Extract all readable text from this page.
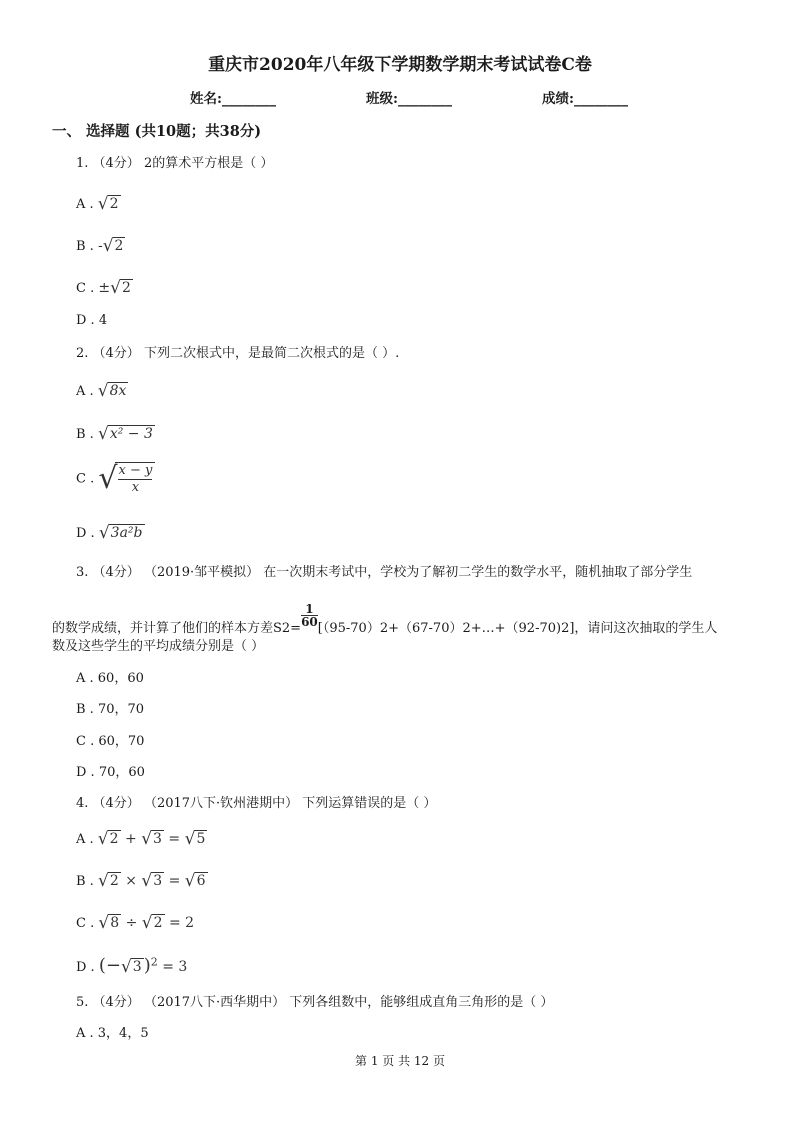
重庆市2020年八年级下学期数学期末考试试卷C卷
姓名:________	班级:________	成绩:________
一、 选择题 (共10题；共38分)
1. （4分） 2的算术平方根是（ ）
A . √2
B . -√2
C . ±√2
D . 4
2. （4分） 下列二次根式中，是最简二次根式的是（ ）.
A . √8x
B . √x² − 3
C . √
$\frac{x - y}{x}$
D . √3a²b
3. （4分） （2019·邹平模拟） 在一次期末考试中，学校为了解初二学生的数学水平，随机抽取了部分学生
的数学成绩，并计算了他们的样本方差S2=
$\frac{1}{60}$
[（95-70）2+（67-70）2+…+（92-70)2]，请问这次抽取的学生人
数及这些学生的平均成绩分别是（ ）
A . 60，60
B . 70，70
C . 60，70
D . 70，60
4. （4分） （2017八下·钦州港期中） 下列运算错误的是（ ）
A . √2 + √3 = √5
B . √2 × √3 = √6
C . √8 ÷ √2 = 2
D . (−√3 )$^2$ = 3
5. （4分） （2017八下·西华期中） 下列各组数中，能够组成直角三角形的是（ ）
A . 3，4，5
第 1 页 共 12 页
